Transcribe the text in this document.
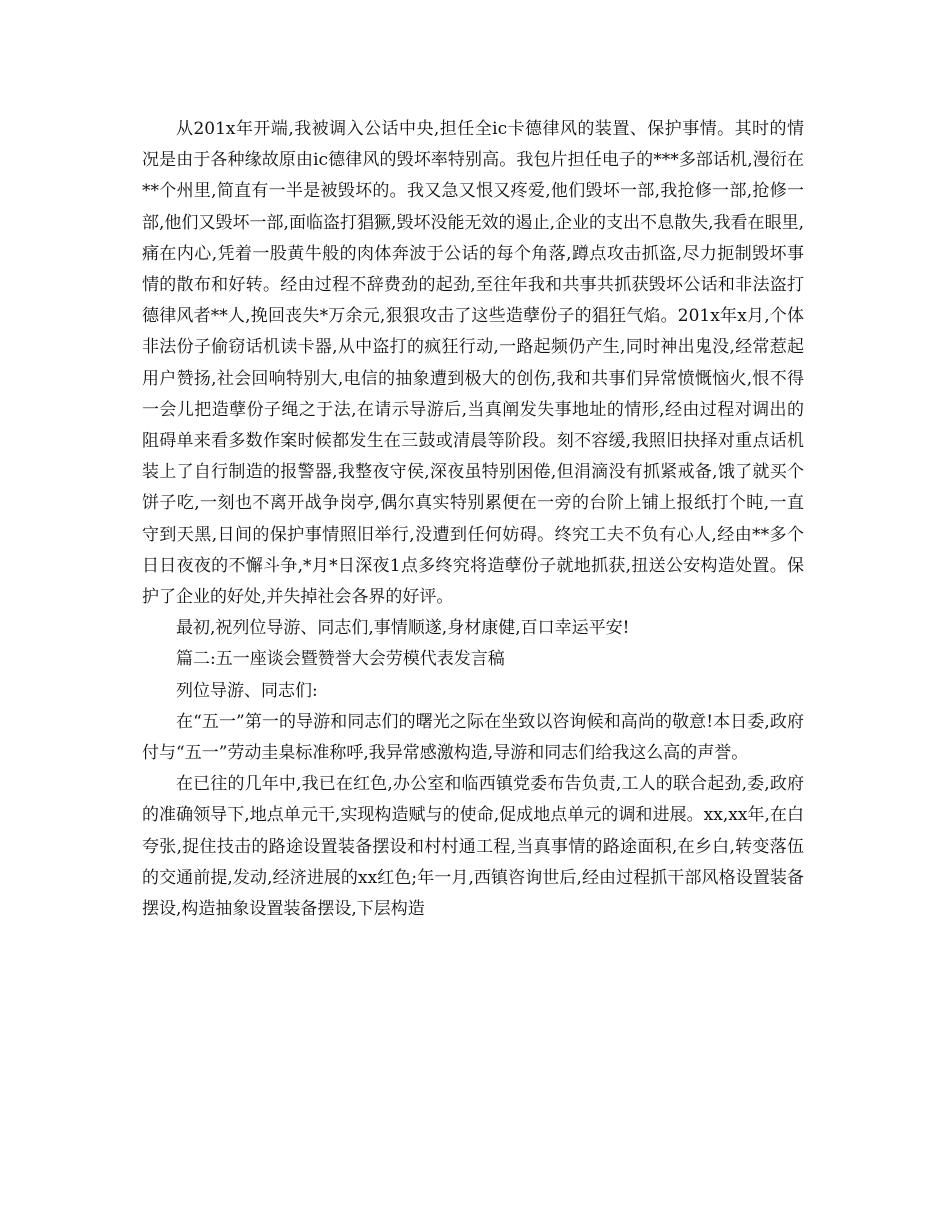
从201x年开端,我被调入公话中央,担任全ic卡德律风的装置、保护事情。其时的情况是由于各种缘故原由ic德律风的毁坏率特别高。我包片担任电子的***多部话机,漫衍在**个州里,简直有一半是被毁坏的。我又急又恨又疼爱,他们毁坏一部,我抢修一部,抢修一部,他们又毁坏一部,面临盗打猖獗,毁坏没能无效的遏止,企业的支出不息散失,我看在眼里,痛在内心,凭着一股黄牛般的肉体奔波于公话的每个角落,蹲点攻击抓盗,尽力扼制毁坏事情的散布和好转。经由过程不辞费劲的起劲,至往年我和共事共抓获毁坏公话和非法盗打德律风者**人,挽回丧失*万余元,狠狠攻击了这些造孽份子的猖狂气焰。201x年x月,个体非法份子偷窃话机读卡器,从中盗打的疯狂行动,一路起频仍产生,同时神出鬼没,经常惹起用户赞扬,社会回响特别大,电信的抽象遭到极大的创伤,我和共事们异常愤慨恼火,恨不得一会儿把造孽份子绳之于法,在请示导游后,当真阐发失事地址的情形,经由过程对调出的阻碍单来看多数作案时候都发生在三鼓或清晨等阶段。刻不容缓,我照旧抉择对重点话机装上了自行制造的报警器,我整夜守侯,深夜虽特别困倦,但涓滴没有抓紧戒备,饿了就买个饼子吃,一刻也不离开战争岗亭,偶尔真实特别累便在一旁的台阶上铺上报纸打个盹,一直守到天黑,日间的保护事情照旧举行,没遭到任何妨碍。终究工夫不负有心人,经由**多个日日夜夜的不懈斗争,*月*日深夜1点多终究将造孽份子就地抓获,扭送公安构造处置。保护了企业的好处,并失掉社会各界的好评。

最初,祝列位导游、同志们,事情顺遂,身材康健,百口幸运平安!

篇二:五一座谈会暨赞誉大会劳模代表发言稿

列位导游、同志们:

在“五一”第一的导游和同志们的曙光之际在坐致以咨询候和高尚的敬意!本日委,政府付与“五一”劳动圭臬标准称呼,我异常感激构造,导游和同志们给我这么高的声誉。

在已往的几年中,我已在红色,办公室和临西镇党委布告负责,工人的联合起劲,委,政府的准确领导下,地点单元干,实现构造赋与的使命,促成地点单元的调和进展。xx,xx年,在白夸张,捉住技击的路途设置装备摆设和村村通工程,当真事情的路途面积,在乡白,转变落伍的交通前提,发动,经济进展的xx红色;年一月,西镇咨询世后,经由过程抓干部风格设置装备摆设,构造抽象设置装备摆设,下层构造
